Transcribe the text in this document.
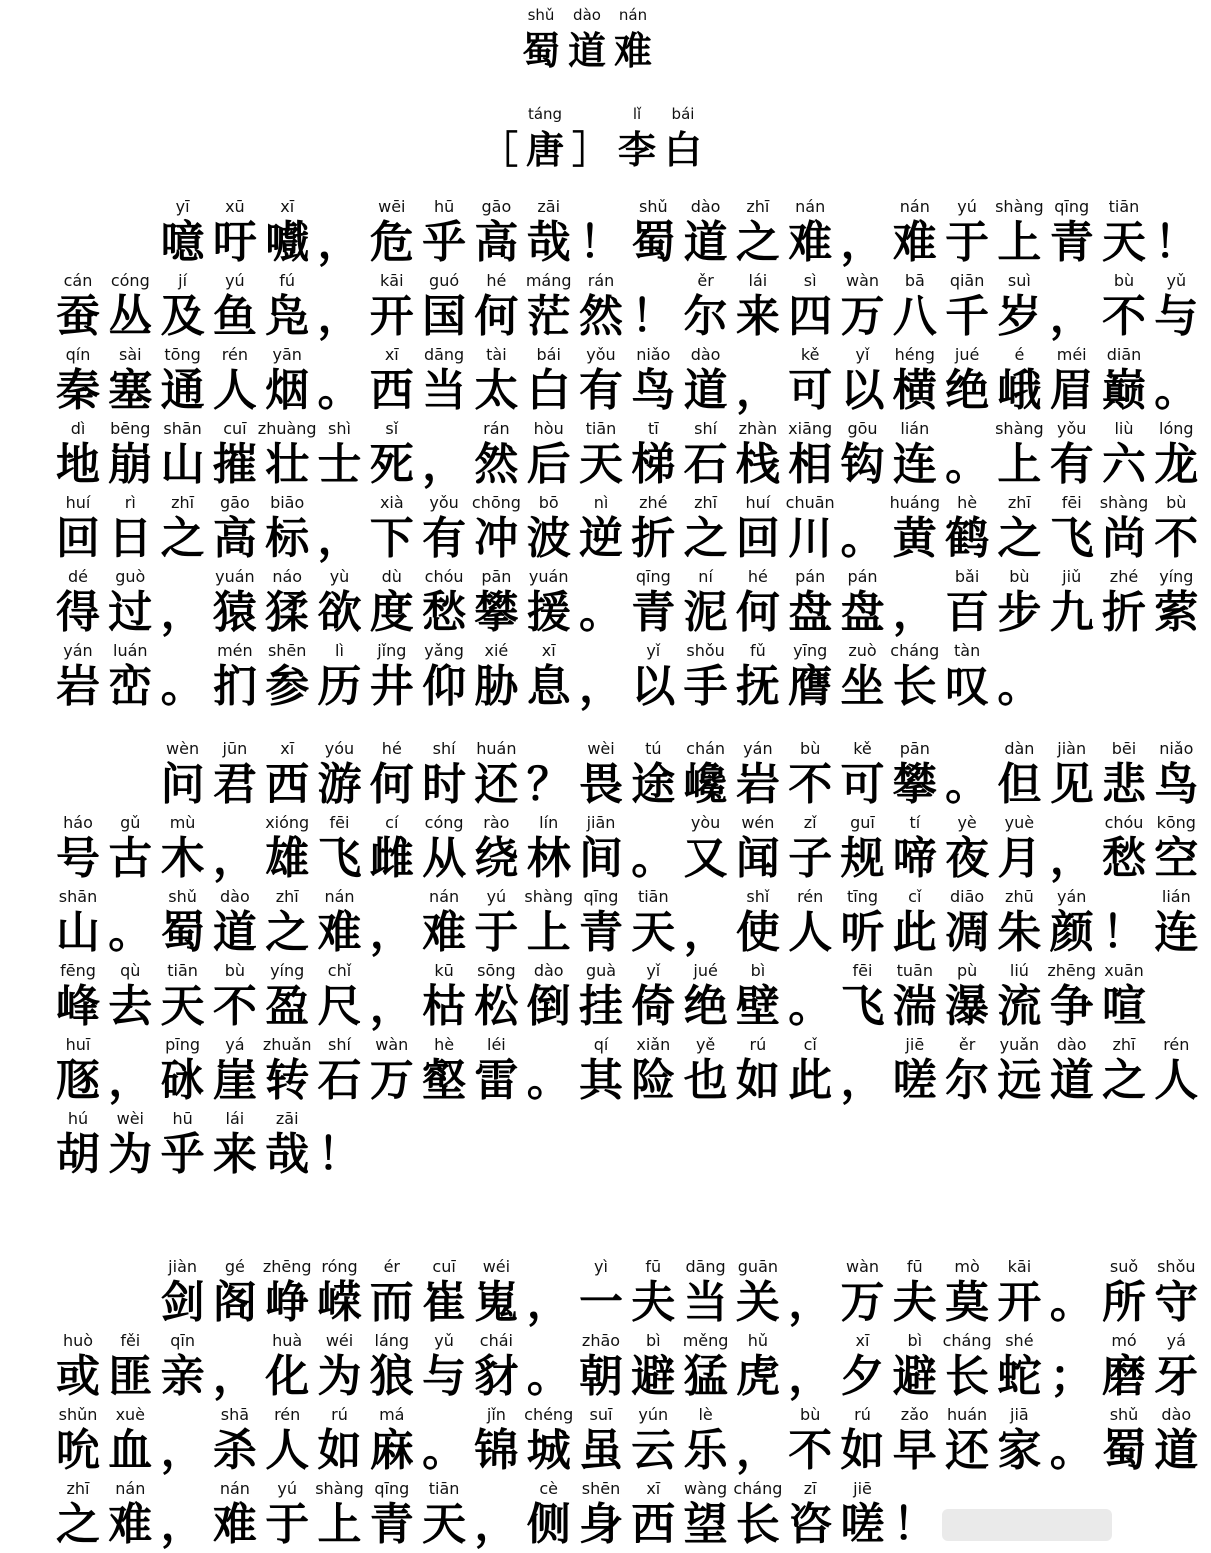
shǔ
蜀
dào
道
nán
难
［
táng
唐 ］
lǐ
李
bái
白
yī
噫
xū
吁
xī
嚱 ，
wēi
危
hū
乎
gāo
高
zāi
哉 ！
shǔ
蜀
dào
道
zhī
之
nán
难 ，
nán
难
yú
于
shàng
上
qīng
青
tiān
天 ！
cán
蚕
cóng
丛
jí
及
yú
鱼
fú
凫 ，
kāi
开
guó
国
hé
何
máng
茫
rán
然 ！
ěr
尔
lái
来
sì
四
wàn
万
bā
八
qiān
千
suì
岁 ，
bù
不
yǔ
与
qín
秦
sài
塞
tōng
通
rén
人
yān
烟 。
xī
西
dāng
当
tài
太
bái
白
yǒu
有
niǎo
鸟
dào
道 ，
kě
可
yǐ
以
héng
横
jué
绝
é
峨
méi
眉
diān
巅 。
dì
地
bēng
崩
shān
山
cuī
摧
zhuàng
壮
shì
士
sǐ
死 ，
rán
然
hòu
后
tiān
天
tī
梯
shí
石
zhàn
栈
xiāng
相
gōu
钩
lián
连 。
shàng
上
yǒu
有
liù
六
lóng
龙
huí
回
rì
日
zhī
之
gāo
高
biāo
标 ，
xià
下
yǒu
有
chōng
冲
bō
波
nì
逆
zhé
折
zhī
之
huí
回
chuān
川 。
huáng
黄
hè
鹤
zhī
之
fēi
飞
shàng
尚
bù
不
dé
得
guò
过 ，
yuán
猿
náo
猱
yù
欲
dù
度
chóu
愁
pān
攀
yuán
援 。
qīng
青
ní
泥
hé
何
pán
盘
pán
盘 ，
bǎi
百
bù
步
jiǔ
九
zhé
折
yíng
萦
yán
岩
luán
峦 。
mén
扪
shēn
参
lì
历
jǐng
井
yǎng
仰
xié
胁
xī
息 ，
yǐ
以
shǒu
手
fǔ
抚
yīng
膺
zuò
坐
cháng
长
tàn
叹 。
wèn
问
jūn
君
xī
西
yóu
游
hé
何
shí
时
huán
还 ？
wèi
畏
tú
途
chán
巉
yán
岩
bù
不
kě
可
pān
攀 。
dàn
但
jiàn
见
bēi
悲
niǎo
鸟
háo
号
gǔ
古
mù
木 ，
xióng
雄
fēi
飞
cí
雌
cóng
从
rào
绕
lín
林
jiān
间 。
yòu
又
wén
闻
zǐ
子
guī
规
tí
啼
yè
夜
yuè
月 ，
chóu
愁
kōng
空
shān
山 。
shǔ
蜀
dào
道
zhī
之
nán
难 ，
nán
难
yú
于
shàng
上
qīng
青
tiān
天 ，
shǐ
使
rén
人
tīng
听
cǐ
此
diāo
凋
zhū
朱
yán
颜 ！
lián
连
fēng
峰
qù
去
tiān
天
bù
不
yíng
盈
chǐ
尺 ，
kū
枯
sōng
松
dào
倒
guà
挂
yǐ
倚
jué
绝
bì
壁 。
fēi
飞
tuān
湍
pù
瀑
liú
流
zhēng
争
xuān
喧
huī
豗 ，
pīng
砯
yá
崖
zhuǎn
转
shí
石
wàn
万
hè
壑
léi
雷 。
qí
其
xiǎn
险
yě
也
rú
如
cǐ
此 ，
jiē
嗟
ěr
尔
yuǎn
远
dào
道
zhī
之
rén
人
hú
胡
wèi
为
hū
乎
lái
来
zāi
哉 ！
jiàn
剑
gé
阁
zhēng
峥
róng
嵘
ér
而
cuī
崔
wéi
嵬 ，
yì
一
fū
夫
dāng
当
guān
关 ，
wàn
万
fū
夫
mò
莫
kāi
开 。
suǒ
所
shǒu
守
huò
或
fěi
匪
qīn
亲 ，
huà
化
wéi
为
láng
狼
yǔ
与
chái
豺 。
zhāo
朝
bì
避
měng
猛
hǔ
虎 ，
xī
夕
bì
避
cháng
长
shé
蛇 ；
mó
磨
yá
牙
shǔn
吮
xuè
血 ，
shā
杀
rén
人
rú
如
má
麻 。
jǐn
锦
chéng
城
suī
虽
yún
云
lè
乐 ，
bù
不
rú
如
zǎo
早
huán
还
jiā
家 。
shǔ
蜀
dào
道
zhī
之
nán
难 ，
nán
难
yú
于
shàng
上
qīng
青
tiān
天 ，
cè
侧
shēn
身
xī
西
wàng
望
cháng
长
zī
咨
jiē
嗟 ！
